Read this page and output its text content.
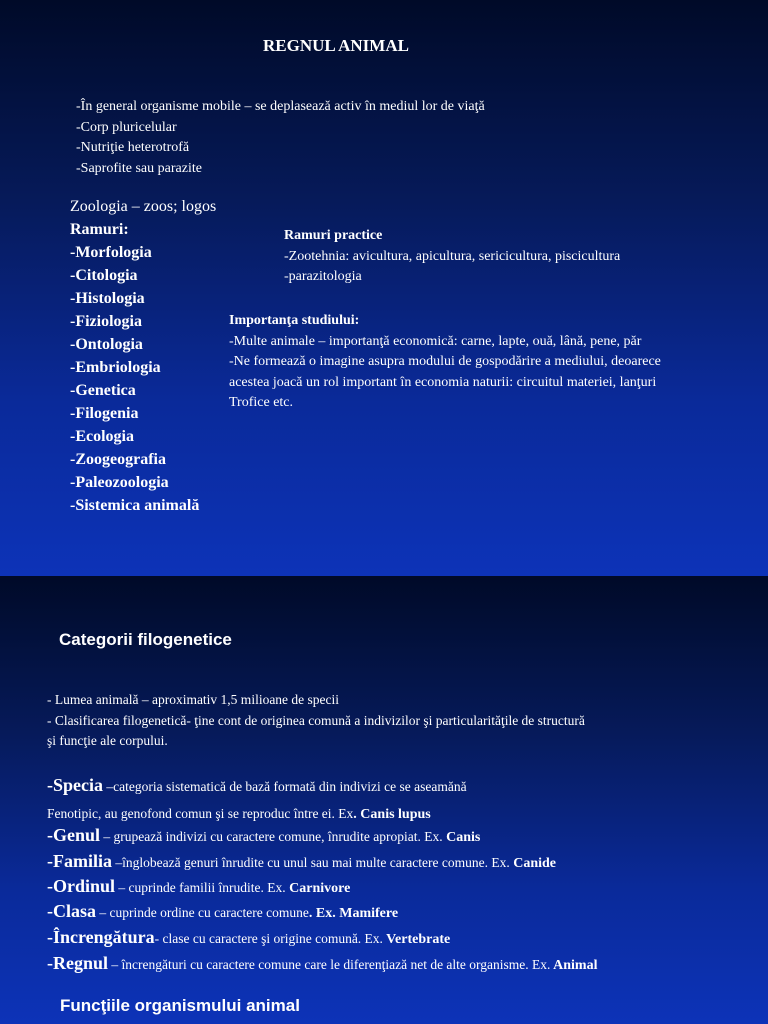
REGNUL ANIMAL
-În general organisme mobile – se deplasează activ în mediul lor de viaţă
-Corp pluricelular
-Nutriţie heterotrofă
-Saprofite sau parazite
Zoologia – zoos; logos
Ramuri:
-Morfologia
-Citologia
-Histologia
-Fiziologia
-Ontologia
-Embriologia
-Genetica
-Filogenia
-Ecologia
-Zoogeografia
-Paleozoologia
-Sistemica animală
Ramuri practice
-Zootehnia: avicultura, apicultura, sericicultura, piscicultura
-parazitologia
Importanţa studiului:
-Multe animale – importanţă economică: carne, lapte, ouă, lână, pene, păr
-Ne formează o imagine asupra modului de gospodărire a mediului, deoarece
acestea joacă un rol important în economia naturii: circuitul materiei, lanţuri
Trofice etc.
Categorii filogenetice
- Lumea animală – aproximativ 1,5 milioane de specii
- Clasificarea filogenetică- ţine cont de originea comună a indivizilor şi particularităţile de structură
şi funcţie ale corpului.
-Specia –categoria sistematică de bază formată din indivizi ce se aseamănă
Fenotipic, au genofond comun şi se reproduc între ei. Ex. Canis lupus
-Genul – grupează indivizi cu caractere comune, înrudite apropiat. Ex. Canis
-Familia –înglobează genuri înrudite cu unul sau mai multe caractere comune. Ex. Canide
-Ordinul – cuprinde familii înrudite. Ex. Carnivore
-Clasa – cuprinde ordine cu caractere comune. Ex. Mamifere
-Încrengătura- clase cu caractere şi origine comună. Ex. Vertebrate
-Regnul – încrengături cu caractere comune care le diferenţiază net de alte organisme. Ex. Animal
Funcţiile organismului animal
